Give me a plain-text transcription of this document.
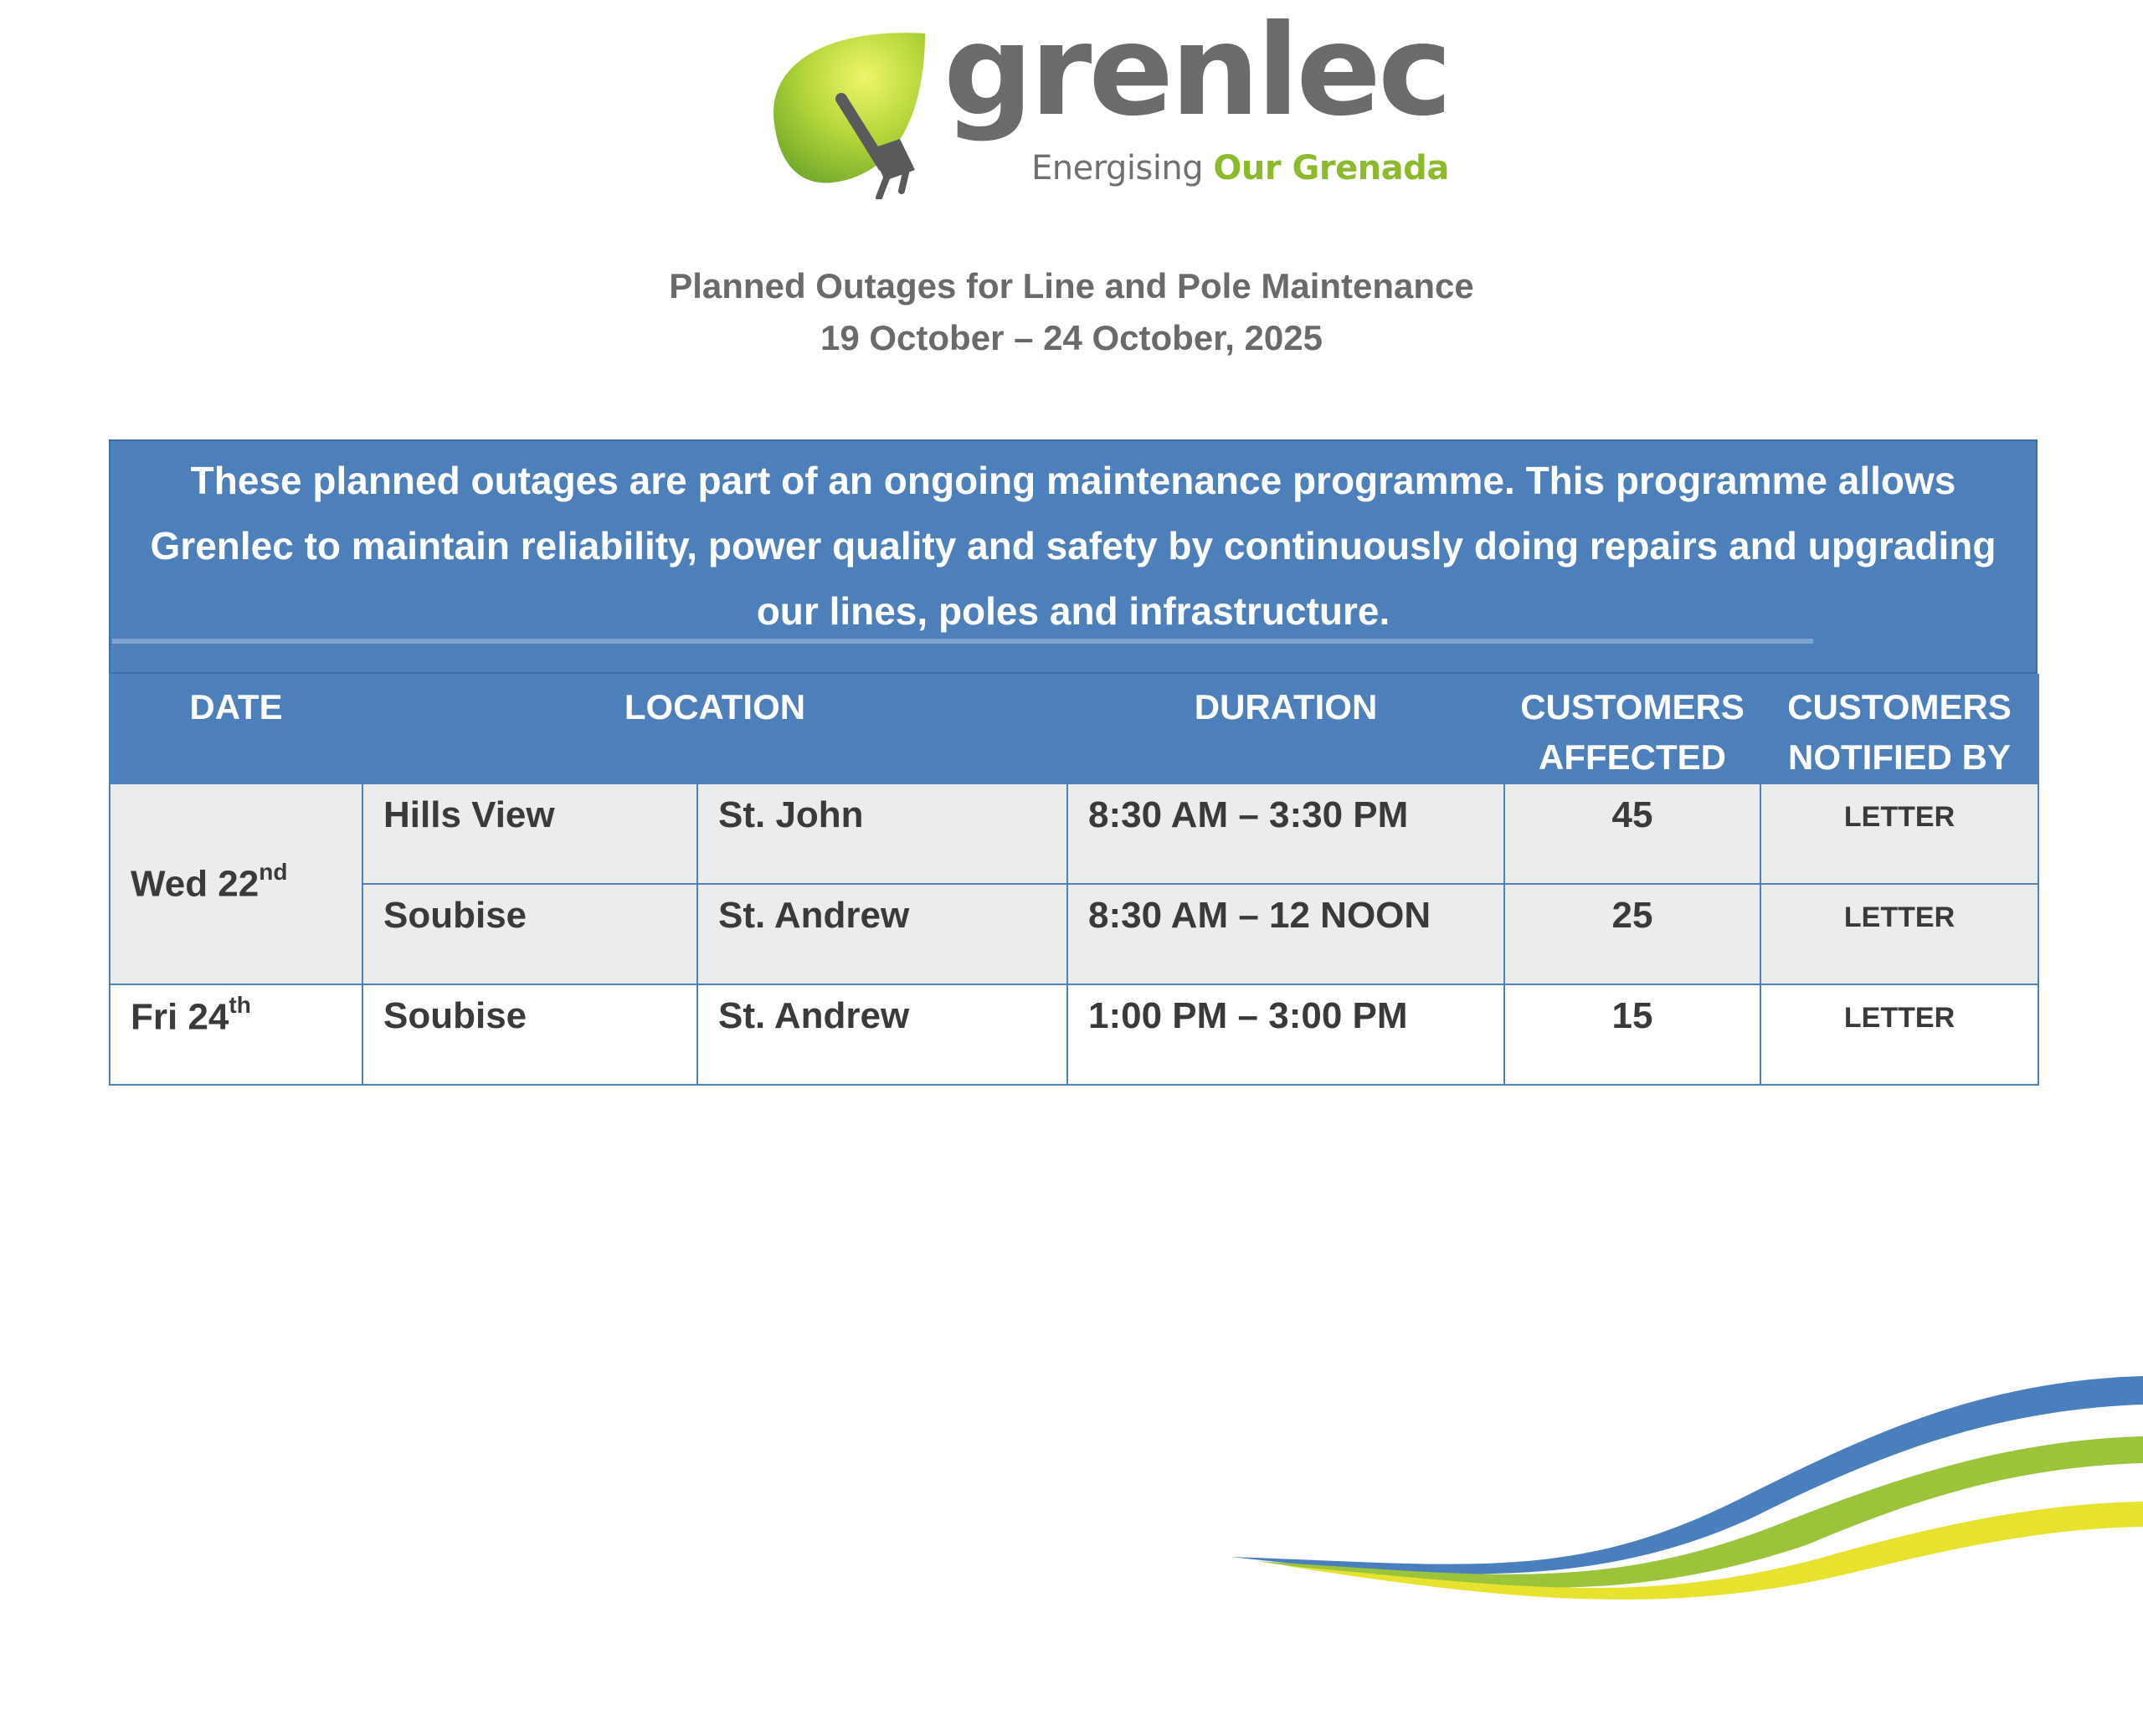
grenlec
Energising Our Grenada
Planned Outages for Line and Pole Maintenance
19 October – 24 October, 2025
These planned outages are part of an ongoing maintenance programme. This programme allows Grenlec to maintain reliability, power quality and safety by continuously doing repairs and upgrading our lines, poles and infrastructure.
DATE	LOCATION		DURATION	CUSTOMERS AFFECTED	CUSTOMERS NOTIFIED BY
Wed 22nd	Hills View	St. John	8:30 AM – 3:30 PM	45	LETTER
	Soubise	St. Andrew	8:30 AM – 12 NOON	25	LETTER
Fri 24th	Soubise	St. Andrew	1:00 PM – 3:00 PM	15	LETTER
